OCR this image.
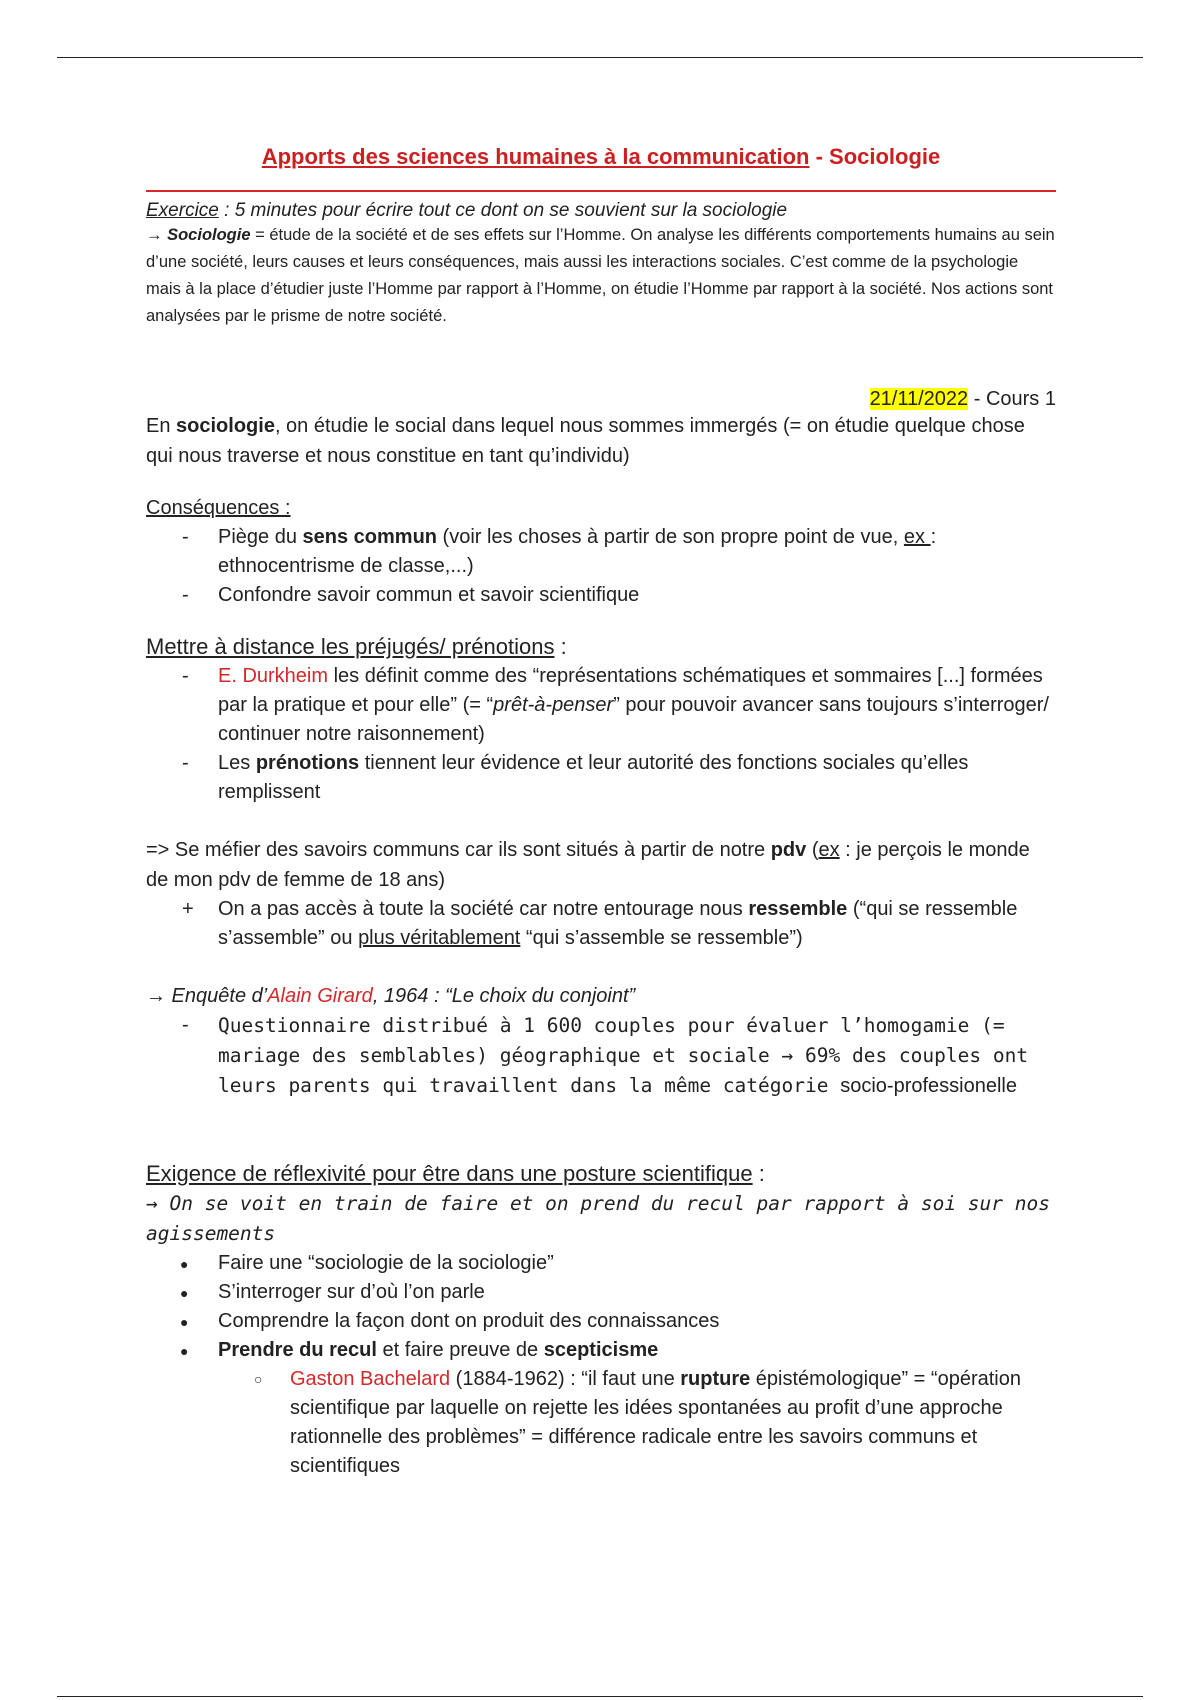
Apports des sciences humaines à la communication - Sociologie

Exercice : 5 minutes pour écrire tout ce dont on se souvient sur la sociologie

→ Sociologie = étude de la société et de ses effets sur l’Homme. On analyse les différents comportements humains au sein d’une société, leurs causes et leurs conséquences, mais aussi les interactions sociales. C’est comme de la psychologie mais à la place d’étudier juste l’Homme par rapport à l’Homme, on étudie l’Homme par rapport à la société. Nos actions sont analysées par le prisme de notre société.

21/11/2022 - Cours 1

En sociologie, on étudie le social dans lequel nous sommes immergés (= on étudie quelque chose qui nous traverse et nous constitue en tant qu’individu)

Conséquences :

- Piège du sens commun (voir les choses à partir de son propre point de vue, ex : ethnocentrisme de classe,...)
- Confondre savoir commun et savoir scientifique

Mettre à distance les préjugés/ prénotions :

- E. Durkheim les définit comme des “représentations schématiques et sommaires [...] formées par la pratique et pour elle” (= “prêt-à-penser” pour pouvoir avancer sans toujours s’interroger/ continuer notre raisonnement)
- Les prénotions tiennent leur évidence et leur autorité des fonctions sociales qu’elles remplissent

=> Se méfier des savoirs communs car ils sont situés à partir de notre pdv (ex : je perçois le monde de mon pdv de femme de 18 ans)

+ On a pas accès à toute la société car notre entourage nous ressemble (“qui se ressemble s’assemble” ou plus véritablement “qui s’assemble se ressemble”)

→ Enquête d’Alain Girard, 1964 : “Le choix du conjoint”

- Questionnaire distribué à 1 600 couples pour évaluer l’homogamie (= mariage des semblables) géographique et sociale → 69% des couples ont leurs parents qui travaillent dans la même catégorie socio-professionelle

Exigence de réflexivité pour être dans une posture scientifique :

→ On se voit en train de faire et on prend du recul par rapport à soi sur nos agissements

● Faire une “sociologie de la sociologie”
● S’interroger sur d’où l’on parle
● Comprendre la façon dont on produit des connaissances
● Prendre du recul et faire preuve de scepticisme
○ Gaston Bachelard (1884-1962) : “il faut une rupture épistémologique” = “opération scientifique par laquelle on rejette les idées spontanées au profit d’une approche rationnelle des problèmes” = différence radicale entre les savoirs communs et scientifiques
